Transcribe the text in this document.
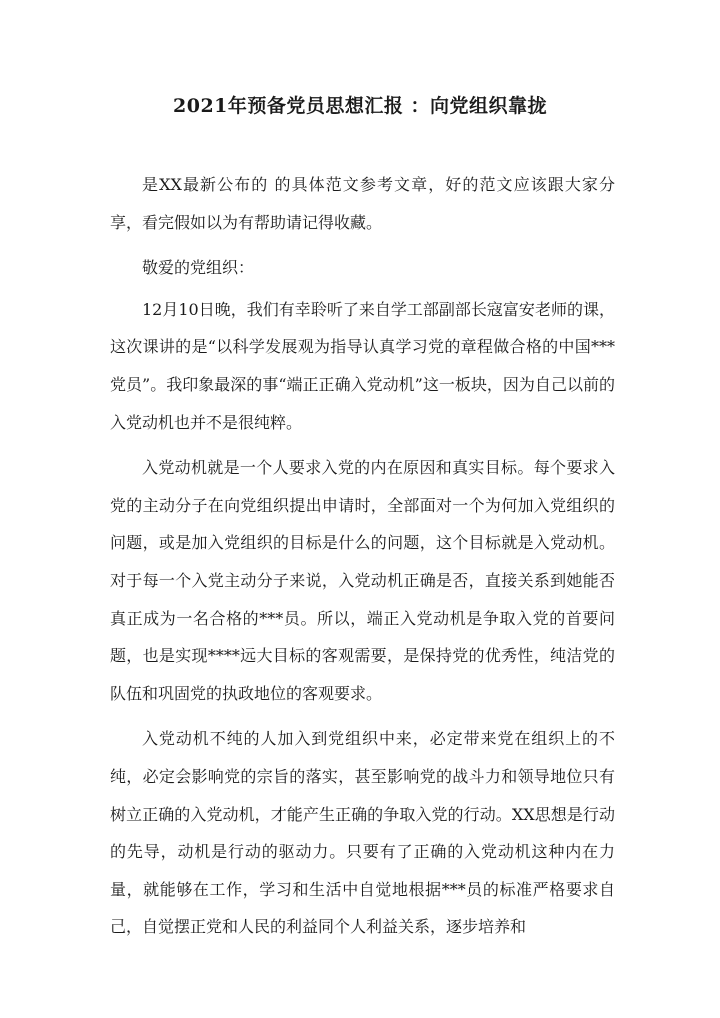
2021年预备党员思想汇报 ：向党组织靠拢

是XX最新公布的 的具体范文参考文章，好的范文应该跟大家分享，看完假如以为有帮助请记得收藏。

敬爱的党组织：

12月10日晚，我们有幸聆听了来自学工部副部长寇富安老师的课，这次课讲的是“以科学发展观为指导认真学习党的章程做合格的中国***党员”。我印象最深的事“端正正确入党动机”这一板块，因为自己以前的入党动机也并不是很纯粹。

入党动机就是一个人要求入党的内在原因和真实目标。每个要求入党的主动分子在向党组织提出申请时，全部面对一个为何加入党组织的问题，或是加入党组织的目标是什么的问题，这个目标就是入党动机。对于每一个入党主动分子来说，入党动机正确是否，直接关系到她能否真正成为一名合格的***员。所以，端正入党动机是争取入党的首要问题，也是实现****远大目标的客观需要，是保持党的优秀性，纯洁党的队伍和巩固党的执政地位的客观要求。

入党动机不纯的人加入到党组织中来，必定带来党在组织上的不纯，必定会影响党的宗旨的落实，甚至影响党的战斗力和领导地位只有树立正确的入党动机，才能产生正确的争取入党的行动。XX思想是行动的先导，动机是行动的驱动力。只要有了正确的入党动机这种内在力量，就能够在工作，学习和生活中自觉地根据***员的标准严格要求自己，自觉摆正党和人民的利益同个人利益关系，逐步培养和
